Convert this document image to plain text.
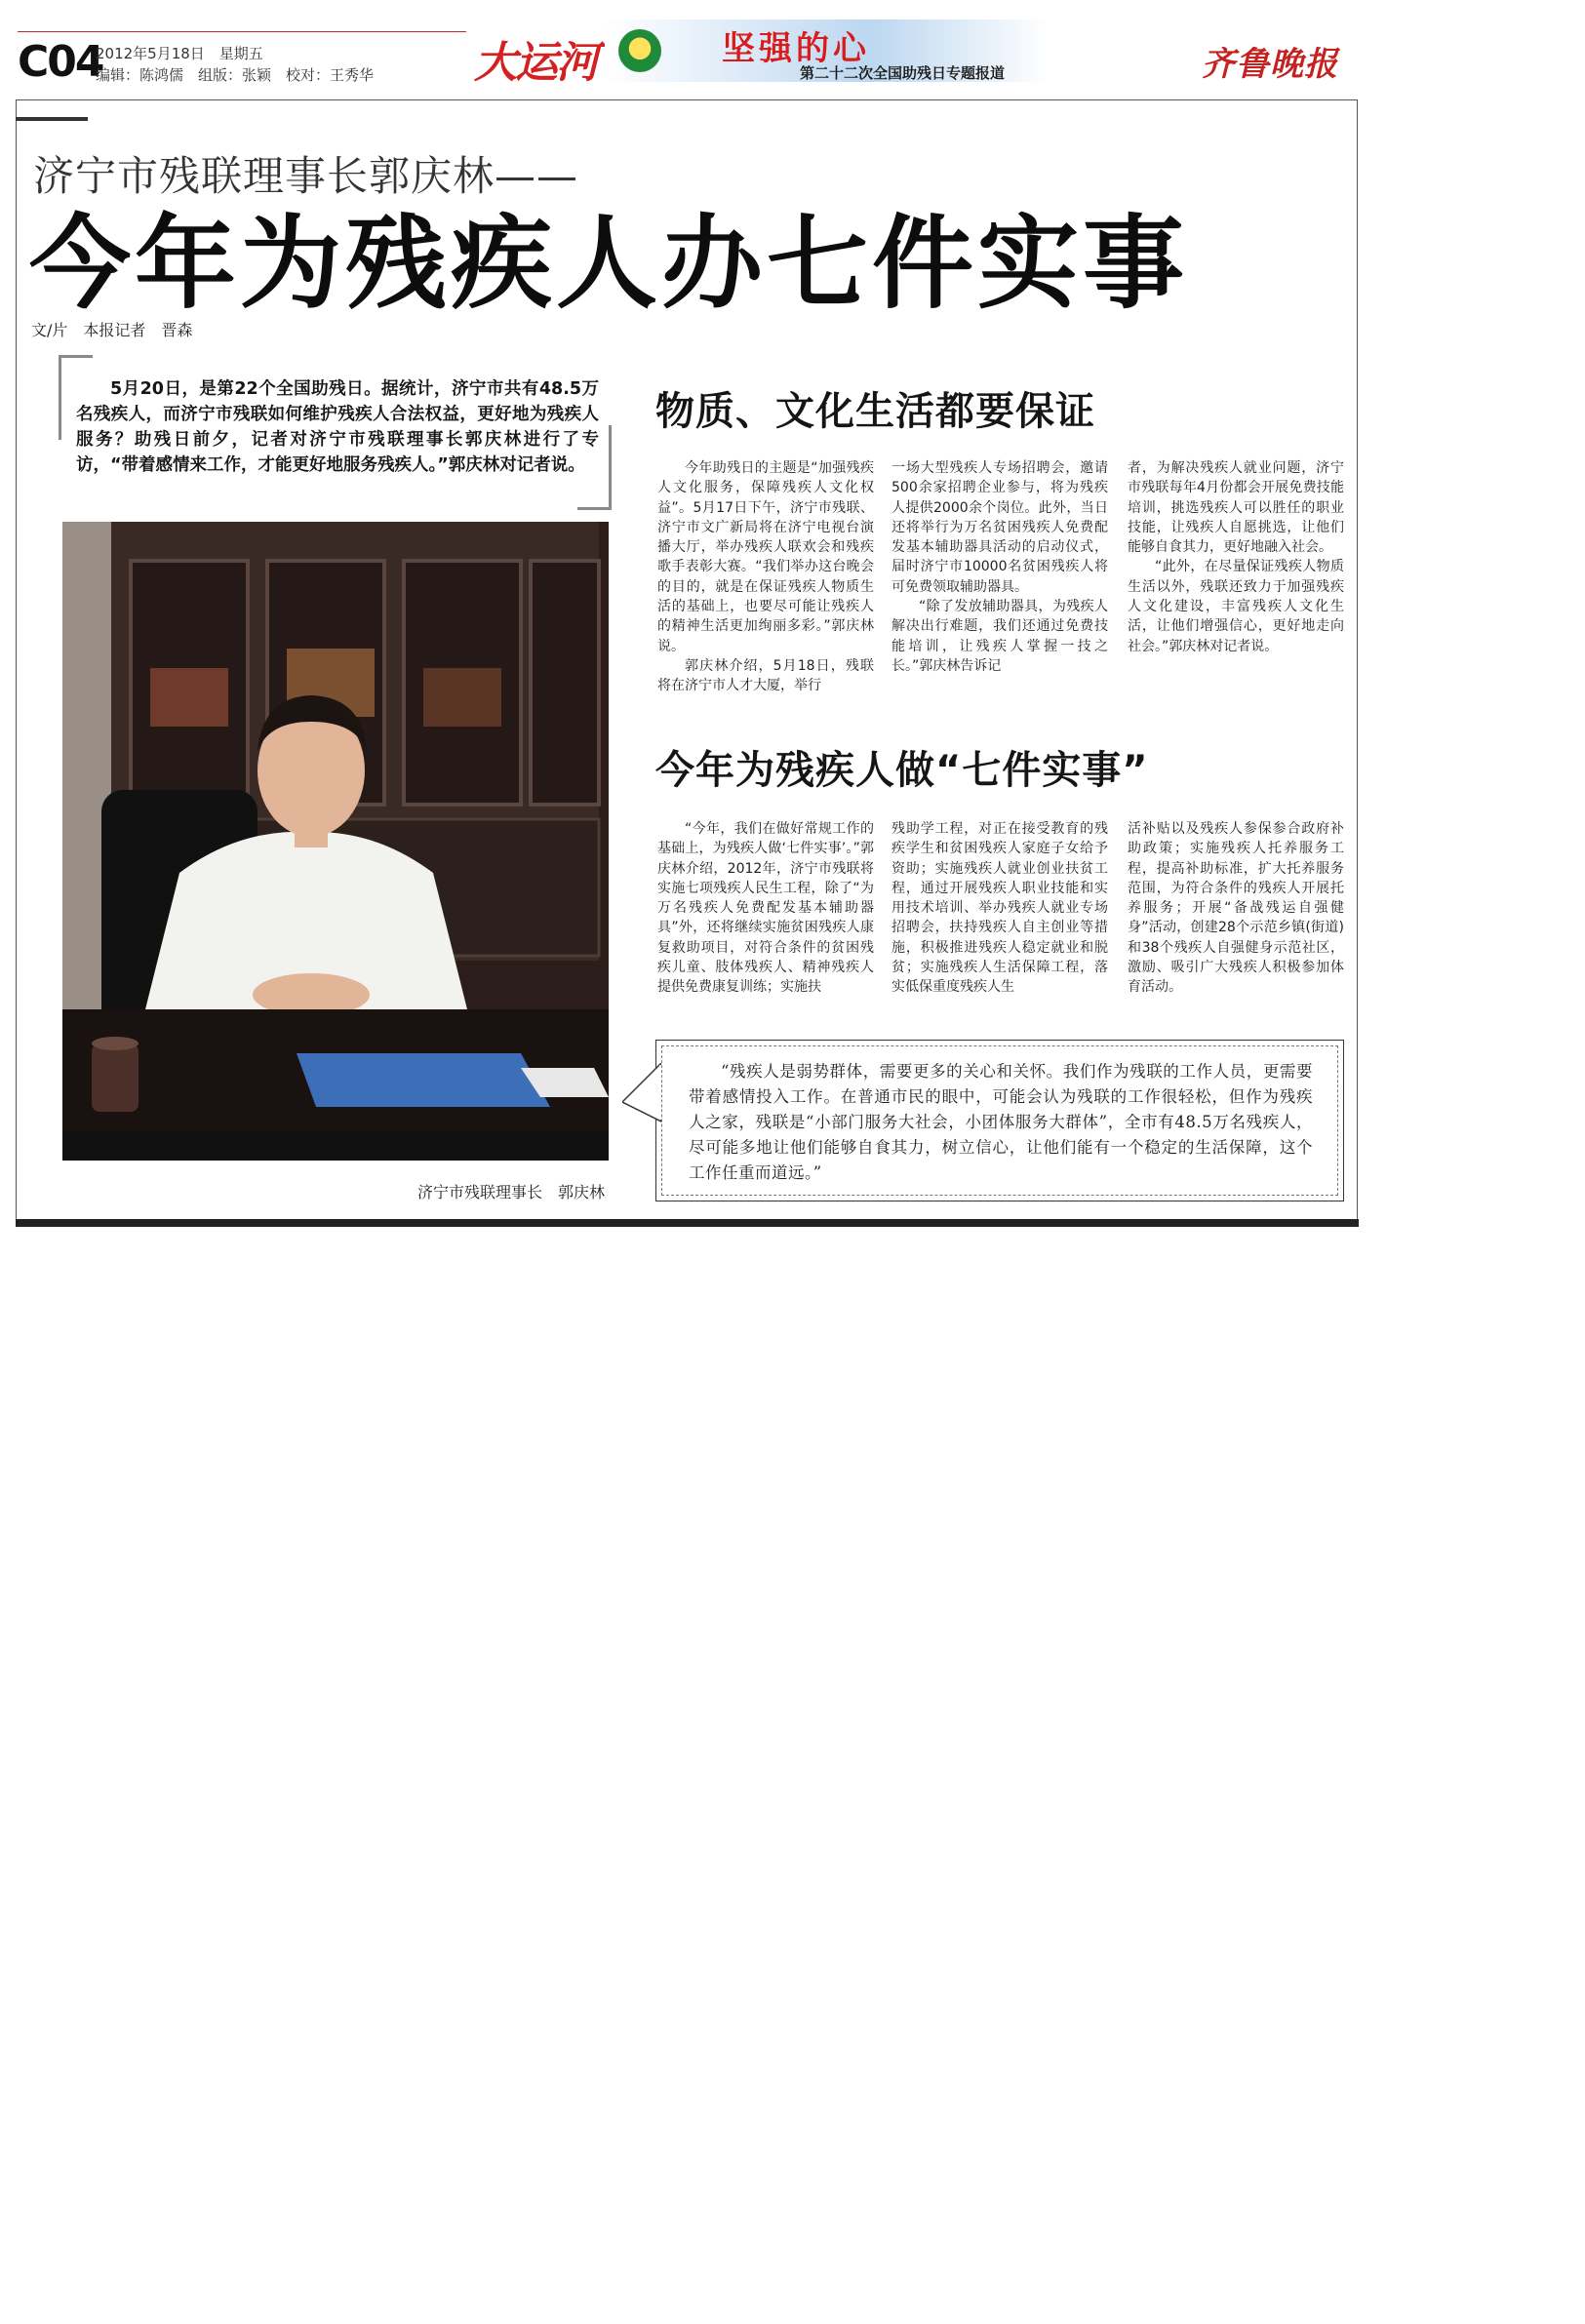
C04
2012年5月18日　星期五
编辑：陈鸿儒　组版：张颖　校对：王秀华 大运河	坚强的心
第二十二次全国助残日专题报道	齐鲁晚报
济宁市残联理事长郭庆林——
今年为残疾人办七件实事
文/片　本报记者　晋森
5月20日，是第22个全国助残日。据统计，济宁市共有48.5万名残疾人，而济宁市残联如何维护残疾人合法权益，更好地为残疾人服务？助残日前夕，记者对济宁市残联理事长郭庆林进行了专访，“带着感情来工作，才能更好地服务残疾人。”郭庆林对记者说。
济宁市残联理事长　郭庆林
物质、文化生活都要保证

今年助残日的主题是“加强残疾人文化服务，保障残疾人文化权益”。5月17日下午，济宁市残联、济宁市文广新局将在济宁电视台演播大厅，举办残疾人联欢会和残疾歌手表彰大赛。“我们举办这台晚会的目的，就是在保证残疾人物质生活的基础上，也要尽可能让残疾人的精神生活更加绚丽多彩。”郭庆林说。

郭庆林介绍，5月18日，残联将在济宁市人才大厦，举行

一场大型残疾人专场招聘会，邀请500余家招聘企业参与，将为残疾人提供2000余个岗位。此外，当日还将举行为万名贫困残疾人免费配发基本辅助器具活动的启动仪式，届时济宁市10000名贫困残疾人将可免费领取辅助器具。

“除了发放辅助器具，为残疾人解决出行难题，我们还通过免费技能培训，让残疾人掌握一技之长。”郭庆林告诉记

者，为解决残疾人就业问题，济宁市残联每年4月份都会开展免费技能培训，挑选残疾人可以胜任的职业技能，让残疾人自愿挑选，让他们能够自食其力，更好地融入社会。

“此外，在尽量保证残疾人物质生活以外，残联还致力于加强残疾人文化建设，丰富残疾人文化生活，让他们增强信心，更好地走向社会。”郭庆林对记者说。

今年为残疾人做“七件实事”

“今年，我们在做好常规工作的基础上，为残疾人做‘七件实事’。”郭庆林介绍，2012年，济宁市残联将实施七项残疾人民生工程，除了“为万名残疾人免费配发基本辅助器具”外，还将继续实施贫困残疾人康复救助项目，对符合条件的贫困残疾儿童、肢体残疾人、精神残疾人提供免费康复训练；实施扶

残助学工程，对正在接受教育的残疾学生和贫困残疾人家庭子女给予资助；实施残疾人就业创业扶贫工程，通过开展残疾人职业技能和实用技术培训、举办残疾人就业专场招聘会，扶持残疾人自主创业等措施，积极推进残疾人稳定就业和脱贫；实施残疾人生活保障工程，落实低保重度残疾人生

活补贴以及残疾人参保参合政府补助政策；实施残疾人托养服务工程，提高补助标准，扩大托养服务范围，为符合条件的残疾人开展托养服务；开展“备战残运自强健身”活动，创建28个示范乡镇(街道)和38个残疾人自强健身示范社区，激励、吸引广大残疾人积极参加体育活动。

“残疾人是弱势群体，需要更多的关心和关怀。我们作为残联的工作人员，更需要带着感情投入工作。在普通市民的眼中，可能会认为残联的工作很轻松，但作为残疾人之家，残联是“小部门服务大社会，小团体服务大群体”，全市有48.5万名残疾人，尽可能多地让他们能够自食其力，树立信心，让他们能有一个稳定的生活保障，这个工作任重而道远。”
